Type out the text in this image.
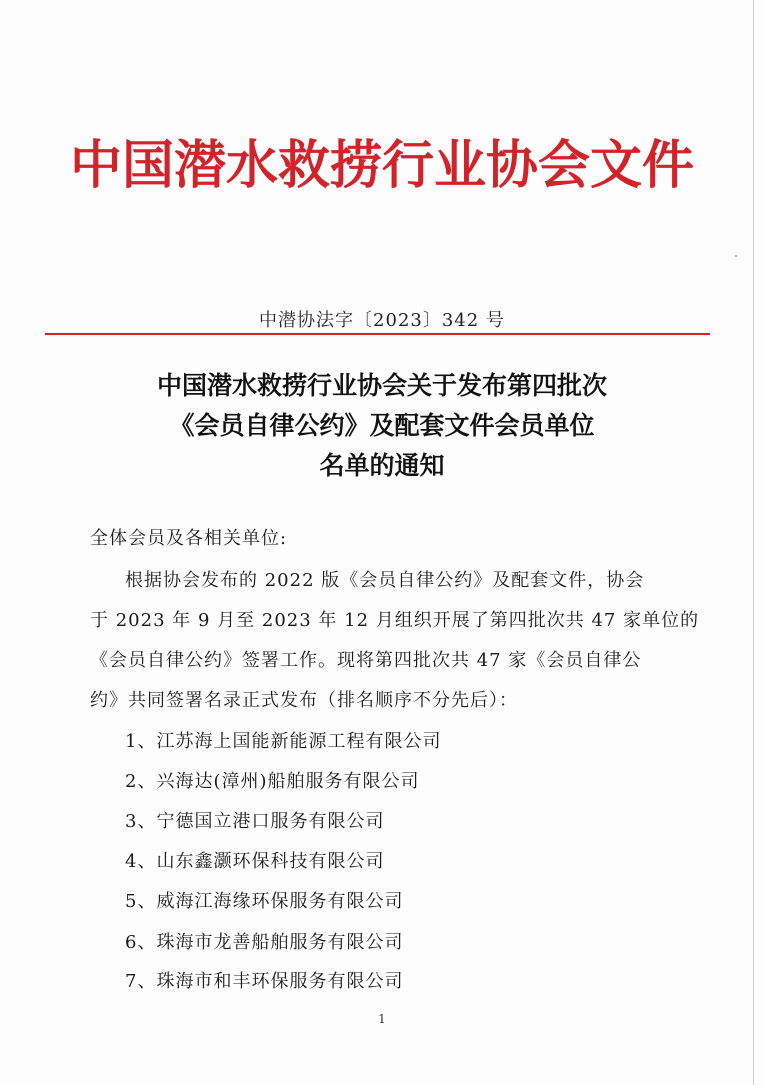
中国潜水救捞行业协会文件
中潜协法字〔2023〕342 号
中国潜水救捞行业协会关于发布第四批次
《会员自律公约》及配套文件会员单位
名单的通知
全体会员及各相关单位:
根据协会发布的 2022 版《会员自律公约》及配套文件，协会
于 2023 年 9 月至 2023 年 12 月组织开展了第四批次共 47 家单位的
《会员自律公约》签署工作。现将第四批次共 47 家《会员自律公
约》共同签署名录正式发布（排名顺序不分先后）：
1、江苏海上国能新能源工程有限公司
2、兴海达(漳州)船舶服务有限公司
3、宁德国立港口服务有限公司
4、山东鑫灏环保科技有限公司
5、威海江海缘环保服务有限公司
6、珠海市龙善船舶服务有限公司
7、珠海市和丰环保服务有限公司
1
